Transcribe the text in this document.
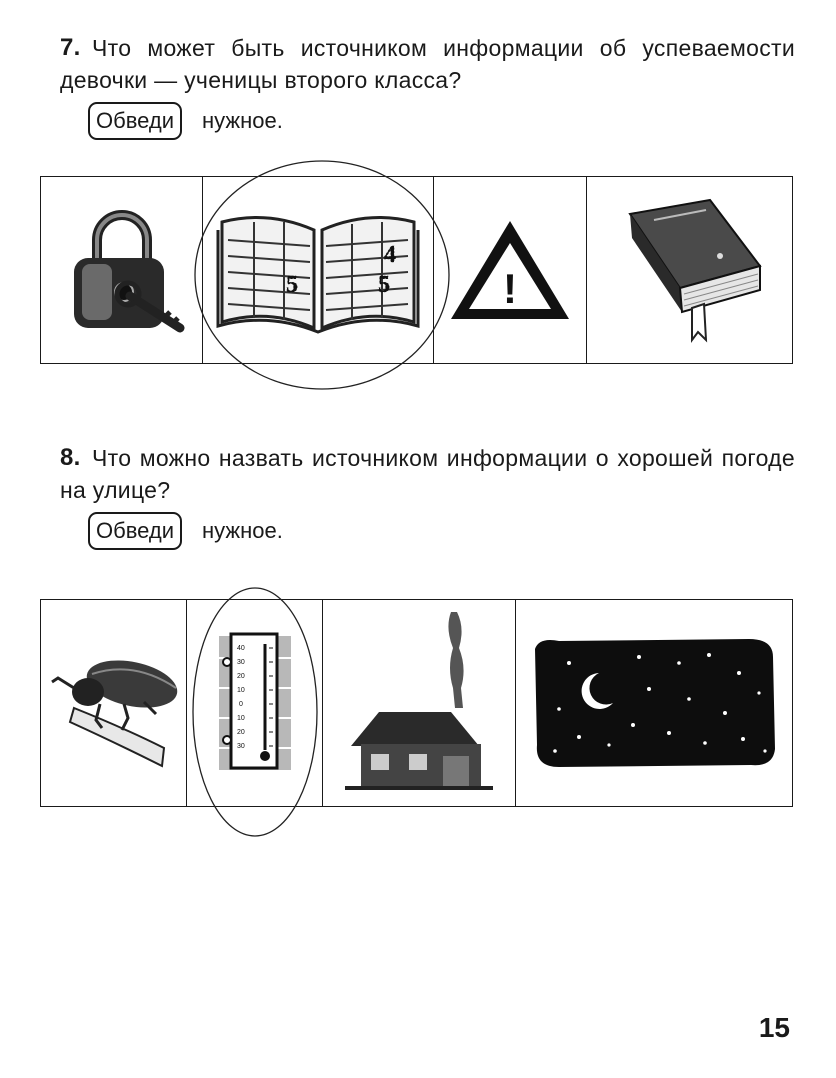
7. Что может быть источником информации об успеваемости девочки — ученицы второго класса?
Обведи	нужное.
5
4
5	!
8. Что можно назвать источником информации о хорошей погоде на улице?
Обведи	нужное.
40
30
20
10
0
10
20
30
15
